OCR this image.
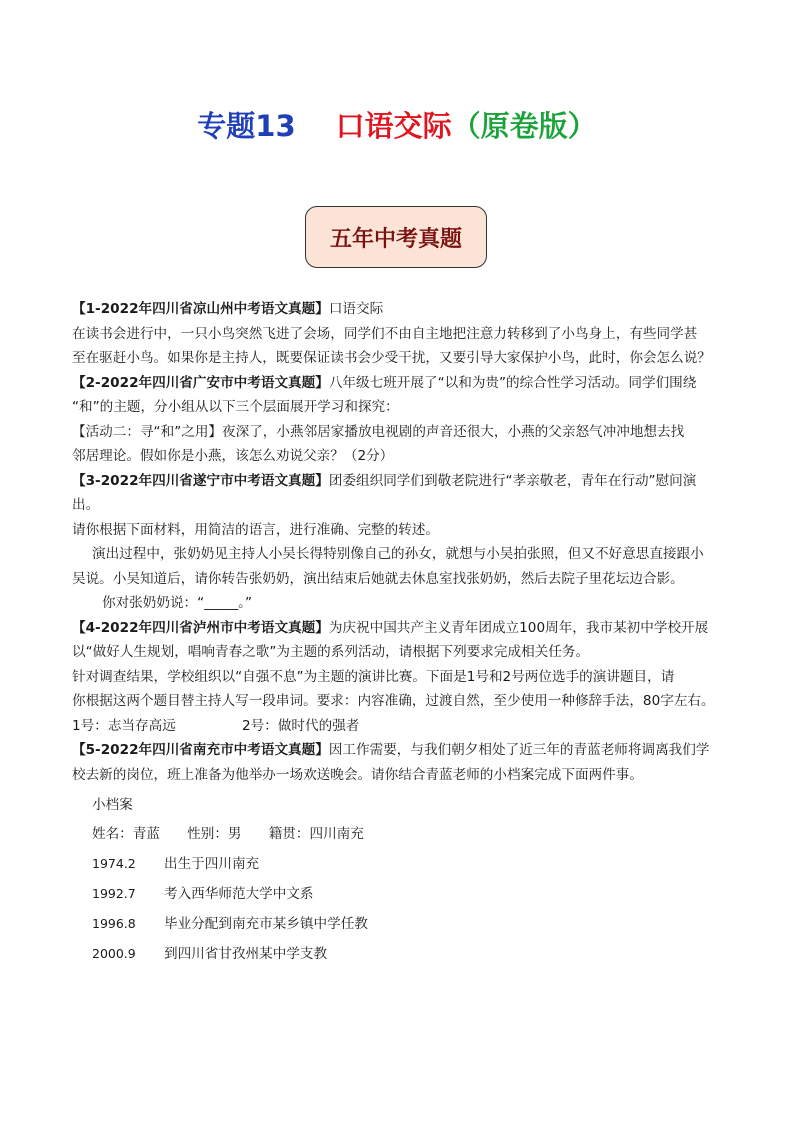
专题13 口语交际（原卷版）
五年中考真题

【1-2022年四川省凉山州中考语文真题】口语交际

在读书会进行中，一只小鸟突然飞进了会场，同学们不由自主地把注意力转移到了小鸟身上，有些同学甚

至在驱赶小鸟。如果你是主持人，既要保证读书会少受干扰，又要引导大家保护小鸟，此时，你会怎么说？

【2-2022年四川省广安市中考语文真题】八年级七班开展了“以和为贵”的综合性学习活动。同学们围绕

“和”的主题，分小组从以下三个层面展开学习和探究：

【活动二：寻“和”之用】夜深了，小燕邻居家播放电视剧的声音还很大，小燕的父亲怒气冲冲地想去找

邻居理论。假如你是小燕，该怎么劝说父亲？（2分）

【3-2022年四川省遂宁市中考语文真题】团委组织同学们到敬老院进行“孝亲敬老，青年在行动”慰问演

出。

请你根据下面材料，用简洁的语言，进行准确、完整的转述。

演出过程中，张奶奶见主持人小吴长得特别像自己的孙女，就想与小吴拍张照，但又不好意思直接跟小

吴说。小吴知道后，请你转告张奶奶，演出结束后她就去休息室找张奶奶，然后去院子里花坛边合影。

你对张奶奶说：“_____。”

【4-2022年四川省泸州市中考语文真题】为庆祝中国共产主义青年团成立100周年，我市某初中学校开展

以“做好人生规划，唱响青春之歌”为主题的系列活动，请根据下列要求完成相关任务。

针对调查结果，学校组织以“自强不息”为主题的演讲比赛。下面是1号和2号两位选手的演讲题目，请

你根据这两个题目替主持人写一段串词。要求：内容准确，过渡自然，至少使用一种修辞手法，80字左右。

1号：志当存高远	2号：做时代的强者

【5-2022年四川省南充市中考语文真题】因工作需要，与我们朝夕相处了近三年的青蓝老师将调离我们学

校去新的岗位，班上准备为他举办一场欢送晚会。请你结合青蓝老师的小档案完成下面两件事。

小档案

姓名：青蓝　　性别：男　　籍贯：四川南充

1974.2 出生于四川南充

1992.7 考入西华师范大学中文系

1996.8 毕业分配到南充市某乡镇中学任教

2000.9 到四川省甘孜州某中学支教
